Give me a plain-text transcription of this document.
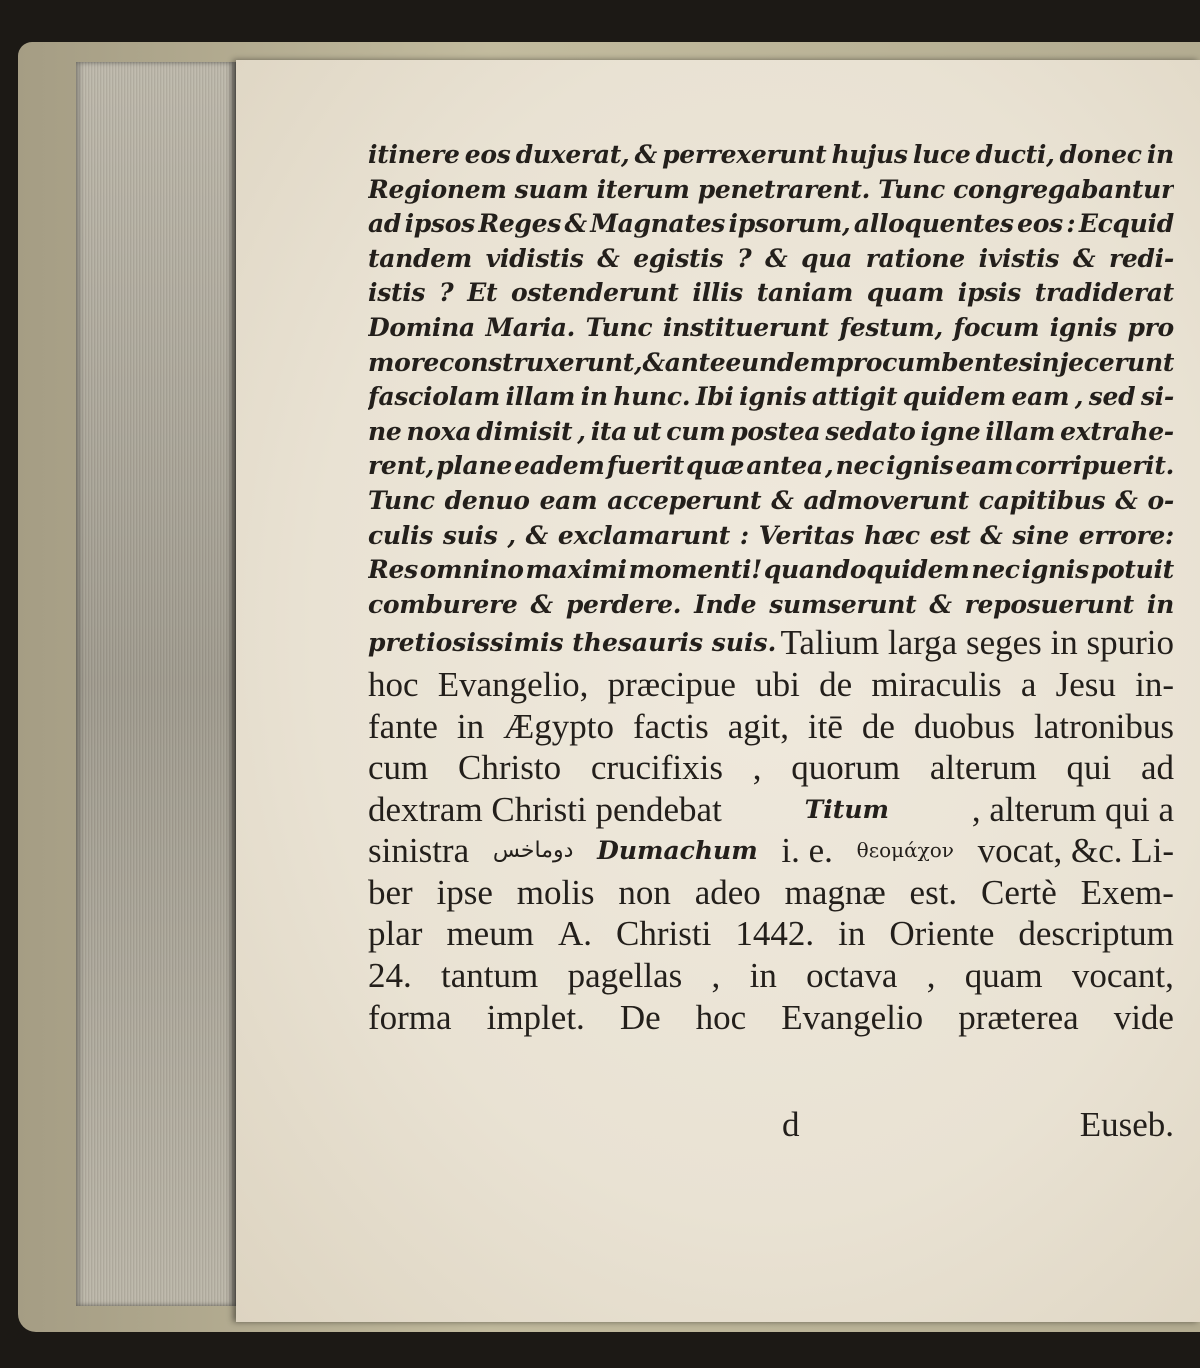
itinere eos duxerat, & perrexerunt hujus luce ducti, donec in
Regionem suam iterum penetrarent. Tunc congregabantur
ad ipsos Reges & Magnates ipsorum, alloquentes eos : Ecquid
tandem vidistis & egistis ? & qua ratione ivistis & redi-
istis ? Et ostenderunt illis taniam quam ipsis tradiderat
Domina Maria. Tunc instituerunt festum, focum ignis pro
more construxerunt, & ante eundem procumbentes injecerunt
fasciolam illam in hunc. Ibi ignis attigit quidem eam , sed si-
ne noxa dimisit , ita ut cum postea sedato igne illam extrahe-
rent, plane eadem fuerit quæ antea , nec ignis eam corripuerit.
Tunc denuo eam acceperunt & admoverunt capitibus & o-
culis suis , & exclamarunt : Veritas hæc est & sine errore:
Res omnino maximi momenti! quandoquidem nec ignis potuit
comburere & perdere. Inde sumserunt & reposuerunt in
pretiosissimis thesauris suis. Talium larga seges in spurio
hoc Evangelio, præcipue ubi de miraculis a Jesu in-
fante in Ægypto factis agit, itē de duobus latronibus
cum Christo crucifixis , quorum alterum qui ad
dextram Christi pendebat	Titum , alterum qui a
sinistra دوماخس Dumachum i. e. θεομάχον vocat, &c. Li-
ber ipse molis non adeo magnæ est. Certè Exem-
plar meum A. Christi 1442. in Oriente descriptum
24. tantum pagellas , in octava , quam vocant,
forma implet. De hoc Evangelio præterea vide
d	Euseb.
